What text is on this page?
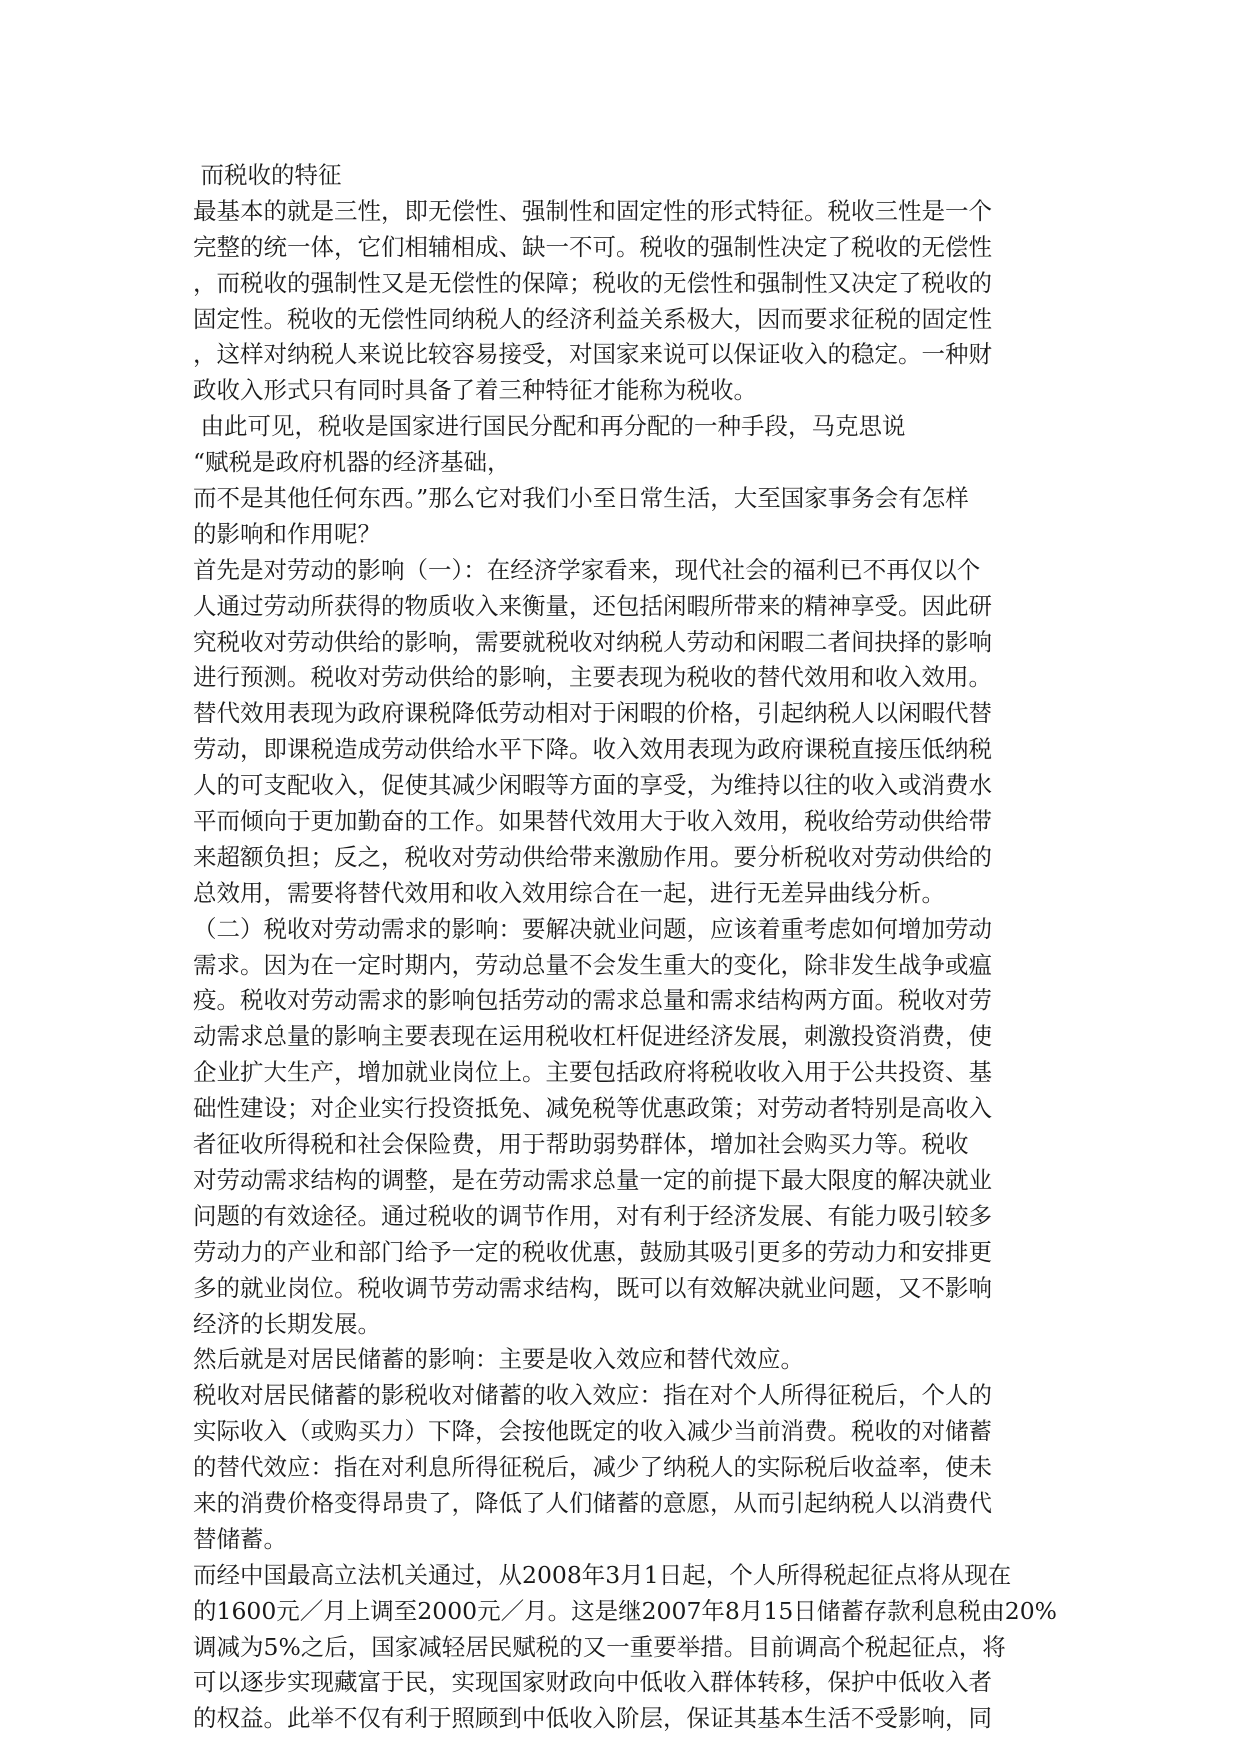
而税收的特征
最基本的就是三性，即无偿性、强制性和固定性的形式特征。税收三性是一个
完整的统一体，它们相辅相成、缺一不可。税收的强制性决定了税收的无偿性
，而税收的强制性又是无偿性的保障；税收的无偿性和强制性又决定了税收的
固定性。税收的无偿性同纳税人的经济利益关系极大，因而要求征税的固定性
，这样对纳税人来说比较容易接受，对国家来说可以保证收入的稳定。一种财
政收入形式只有同时具备了着三种特征才能称为税收。
由此可见，税收是国家进行国民分配和再分配的一种手段，马克思说
“赋税是政府机器的经济基础，
而不是其他任何东西。”那么它对我们小至日常生活，大至国家事务会有怎样
的影响和作用呢？
首先是对劳动的影响（一）：在经济学家看来，现代社会的福利已不再仅以个
人通过劳动所获得的物质收入来衡量，还包括闲暇所带来的精神享受。因此研
究税收对劳动供给的影响，需要就税收对纳税人劳动和闲暇二者间抉择的影响
进行预测。税收对劳动供给的影响，主要表现为税收的替代效用和收入效用。
替代效用表现为政府课税降低劳动相对于闲暇的价格，引起纳税人以闲暇代替
劳动，即课税造成劳动供给水平下降。收入效用表现为政府课税直接压低纳税
人的可支配收入，促使其减少闲暇等方面的享受，为维持以往的收入或消费水
平而倾向于更加勤奋的工作。如果替代效用大于收入效用，税收给劳动供给带
来超额负担；反之，税收对劳动供给带来激励作用。要分析税收对劳动供给的
总效用，需要将替代效用和收入效用综合在一起，进行无差异曲线分析。
（二）税收对劳动需求的影响：要解决就业问题，应该着重考虑如何增加劳动
需求。因为在一定时期内，劳动总量不会发生重大的变化，除非发生战争或瘟
疫。税收对劳动需求的影响包括劳动的需求总量和需求结构两方面。税收对劳
动需求总量的影响主要表现在运用税收杠杆促进经济发展，刺激投资消费，使
企业扩大生产，增加就业岗位上。主要包括政府将税收收入用于公共投资、基
础性建设；对企业实行投资抵免、减免税等优惠政策；对劳动者特别是高收入
者征收所得税和社会保险费，用于帮助弱势群体，增加社会购买力等。税收
对劳动需求结构的调整，是在劳动需求总量一定的前提下最大限度的解决就业
问题的有效途径。通过税收的调节作用，对有利于经济发展、有能力吸引较多
劳动力的产业和部门给予一定的税收优惠，鼓励其吸引更多的劳动力和安排更
多的就业岗位。税收调节劳动需求结构，既可以有效解决就业问题，又不影响
经济的长期发展。
然后就是对居民储蓄的影响：主要是收入效应和替代效应。
税收对居民储蓄的影税收对储蓄的收入效应：指在对个人所得征税后，个人的
实际收入（或购买力）下降，会按他既定的收入减少当前消费。税收的对储蓄
的替代效应：指在对利息所得征税后，减少了纳税人的实际税后收益率，使未
来的消费价格变得昂贵了，降低了人们储蓄的意愿，从而引起纳税人以消费代
替储蓄。
而经中国最高立法机关通过，从2008年3月1日起，个人所得税起征点将从现在
的1600元／月上调至2000元／月。这是继2007年8月15日储蓄存款利息税由20%
调减为5%之后，国家减轻居民赋税的又一重要举措。目前调高个税起征点，将
可以逐步实现藏富于民，实现国家财政向中低收入群体转移，保护中低收入者
的权益。此举不仅有利于照顾到中低收入阶层，保证其基本生活不受影响，同
